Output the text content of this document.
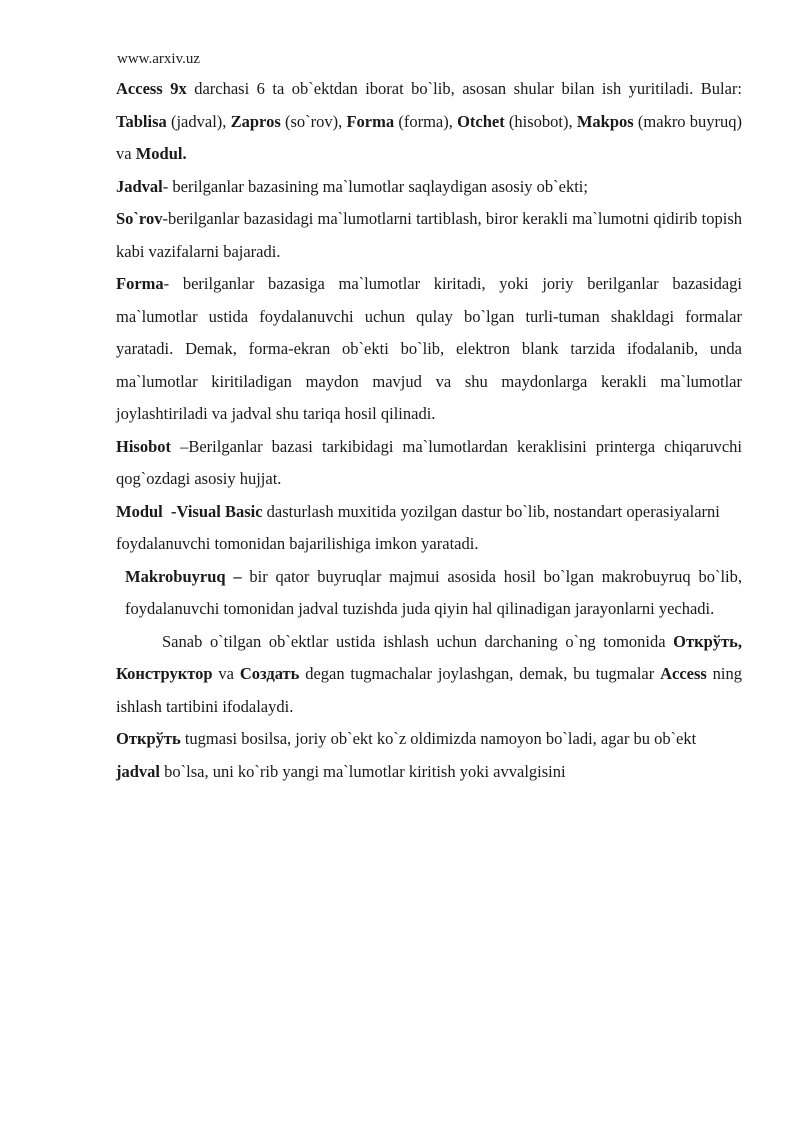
www.arxiv.uz

Access 9x darchasi 6 ta ob`ektdan iborat bo`lib, asosan shular bilan ish yuritiladi. Bular: Tablisa (jadval), Zapros (so`rov), Forma (forma), Otchet (hisobot), Makpos (makro buyruq) va Modul.

Jadval- berilganlar bazasining ma`lumotlar saqlaydigan asosiy ob`ekti;

So`rov-berilganlar bazasidagi ma`lumotlarni tartiblash, biror kerakli ma`lumotni qidirib topish kabi vazifalarni bajaradi.

Forma- berilganlar bazasiga ma`lumotlar kiritadi, yoki joriy berilganlar bazasidagi ma`lumotlar ustida foydalanuvchi uchun qulay bo`lgan turli-tuman shakldagi formalar yaratadi. Demak, forma-ekran ob`ekti bo`lib, elektron blank tarzida ifodalanib, unda ma`lumotlar kiritiladigan maydon mavjud va shu maydonlarga kerakli ma`lumotlar joylashtiriladi va jadval shu tariqa hosil qilinadi.

Hisobot –Berilganlar bazasi tarkibidagi ma`lumotlardan keraklisini printerga chiqaruvchi qog`ozdagi asosiy hujjat.

Modul -Visual Basic dasturlash muxitida yozilgan dastur bo`lib, nostandart operasiyalarni foydalanuvchi tomonidan bajarilishiga imkon yaratadi.

Makrobuyruq – bir qator buyruqlar majmui asosida hosil bo`lgan makrobuyruq bo`lib, foydalanuvchi tomonidan jadval tuzishda juda qiyin hal qilinadigan jarayonlarni yechadi.

Sanab o`tilgan ob`ektlar ustida ishlash uchun darchaning o`ng tomonida Открўть, Конструктор va Создать degan tugmachalar joylashgan, demak, bu tugmalar Access ning ishlash tartibini ifodalaydi.

Открўть tugmasi bosilsa, joriy ob`ekt ko`z oldimizda namoyon bo`ladi, agar bu ob`ekt jadval bo`lsa, uni ko`rib yangi ma`lumotlar kiritish yoki avvalgisini
